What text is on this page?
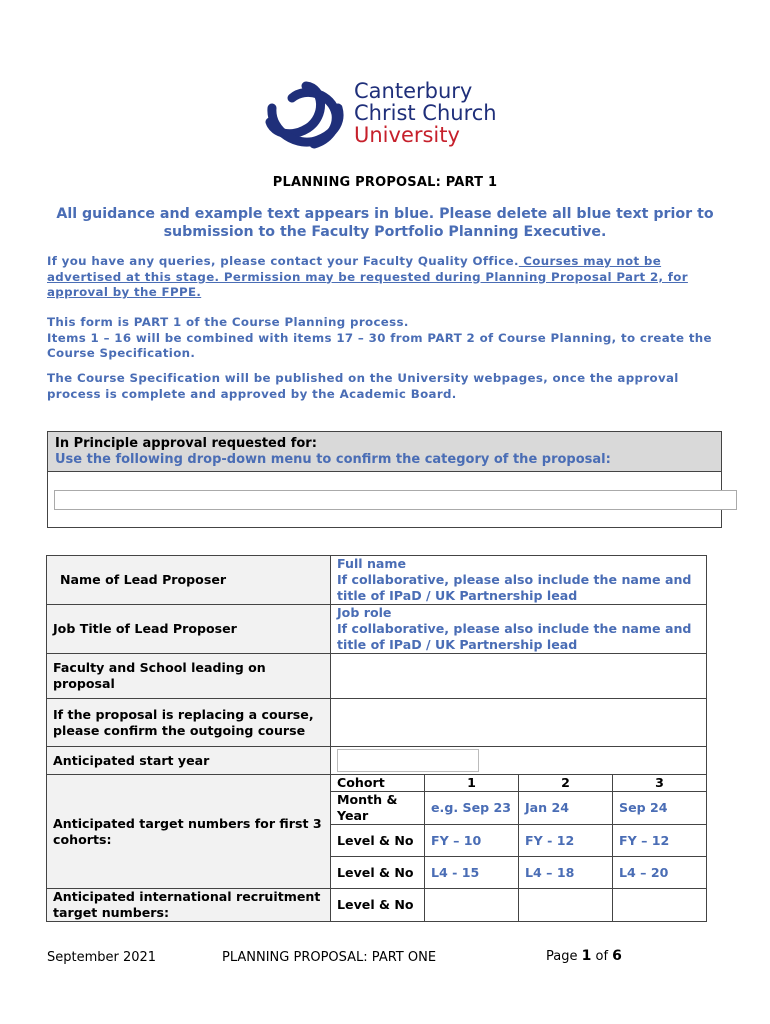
Canterbury
Christ Church
University
PLANNING PROPOSAL: PART 1
All guidance and example text appears in blue. Please delete all blue text prior to submission to the Faculty Portfolio Planning Executive.
If you have any queries, please contact your Faculty Quality Office. Courses may not be advertised at this stage. Permission may be requested during Planning Proposal Part 2, for approval by the FPPE.
This form is PART 1 of the Course Planning process.
Items 1 – 16 will be combined with items 17 – 30 from PART 2 of Course Planning, to create the Course Specification.
The Course Specification will be published on the University webpages, once the approval process is complete and approved by the Academic Board.
In Principle approval requested for:
Use the following drop-down menu to confirm the category of the proposal:
Name of Lead Proposer	Full name
If collaborative, please also include the name and title of IPaD / UK Partnership lead			

Job Title of Lead Proposer	Job role
If collaborative, please also include the name and title of IPaD / UK Partnership lead			

Faculty and School leading on proposal				
If the proposal is replacing a course, please confirm the outgoing course				
Anticipated start year				
Anticipated target numbers for first 3 cohorts:	Cohort	1	2	3
	Month & Year	e.g. Sep 23	Jan 24	Sep 24
	Level & No	FY – 10	FY - 12	FY – 12
	Level & No	L4 - 15	L4 – 18	L4 – 20

Anticipated international recruitment target numbers:	Level & No			
September 2021	PLANNING PROPOSAL: PART ONE	Page 1 of 6
